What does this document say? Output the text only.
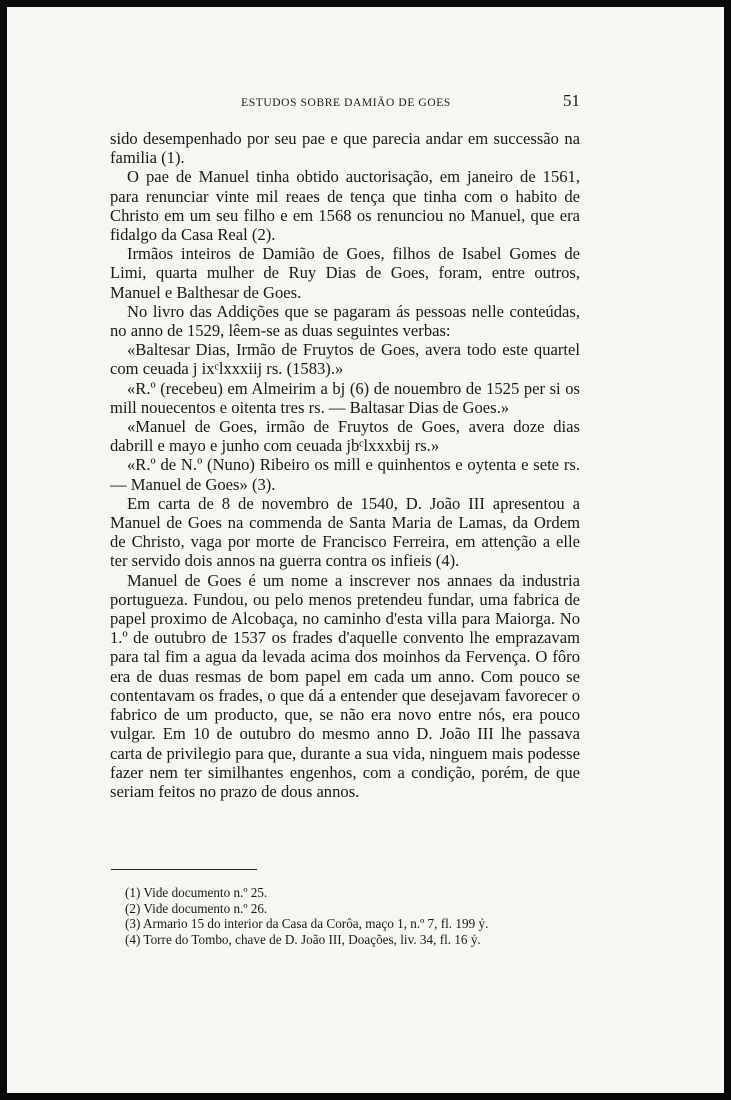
ESTUDOS SOBRE DAMIÃO DE GOES	51

sido desempenhado por seu pae e que parecia andar em successão na familia (1).

O pae de Manuel tinha obtido auctorisação, em janeiro de 1561, para renunciar vinte mil reaes de tença que tinha com o habito de Christo em um seu filho e em 1568 os renunciou no Manuel, que era fidalgo da Casa Real (2).

Irmãos inteiros de Damião de Goes, filhos de Isabel Gomes de Limi, quarta mulher de Ruy Dias de Goes, foram, entre outros, Manuel e Balthesar de Goes.

No livro das Addições que se pagaram ás pessoas nelle conteúdas, no anno de 1529, lêem-se as duas seguintes verbas:

«Baltesar Dias, Irmão de Fruytos de Goes, avera todo este quartel com ceuada ϳ ixᶜlxxxiij rs. (1583).»

«R.º (recebeu) em Almeirim a bj (6) de nouembro de 1525 per si os mill nouecentos e oitenta tres rs. — Baltasar Dias de Goes.»

«Manuel de Goes, irmão de Fruytos de Goes, avera doze dias dabrill e mayo e junho com ceuada ϳbᶜlxxxbij rs.»

«R.º de N.º (Nuno) Ribeiro os mill e quinhentos e oytenta e sete rs. — Manuel de Goes» (3).

Em carta de 8 de novembro de 1540, D. João III apresentou a Manuel de Goes na commenda de Santa Maria de Lamas, da Ordem de Christo, vaga por morte de Francisco Ferreira, em attenção a elle ter servido dois annos na guerra contra os infieis (4).

Manuel de Goes é um nome a inscrever nos annaes da industria portugueza. Fundou, ou pelo menos pretendeu fundar, uma fabrica de papel proximo de Alcobaça, no caminho d'esta villa para Maiorga. No 1.º de outubro de 1537 os frades d'aquelle convento lhe emprazavam para tal fim a agua da levada acima dos moinhos da Fervença. O fôro era de duas resmas de bom papel em cada um anno. Com pouco se contentavam os frades, o que dá a entender que desejavam favorecer o fabrico de um producto, que, se não era novo entre nós, era pouco vulgar. Em 10 de outubro do mesmo anno D. João III lhe passava carta de privilegio para que, durante a sua vida, ninguem mais podesse fazer nem ter similhantes engenhos, com a condição, porém, de que seriam feitos no prazo de dous annos.

(1) Vide documento n.º 25.
(2) Vide documento n.º 26.
(3) Armario 15 do interior da Casa da Corôa, maço 1, n.º 7, fl. 199 ỷ.
(4) Torre do Tombo, chave de D. João III, Doações, liv. 34, fl. 16 ỷ.
